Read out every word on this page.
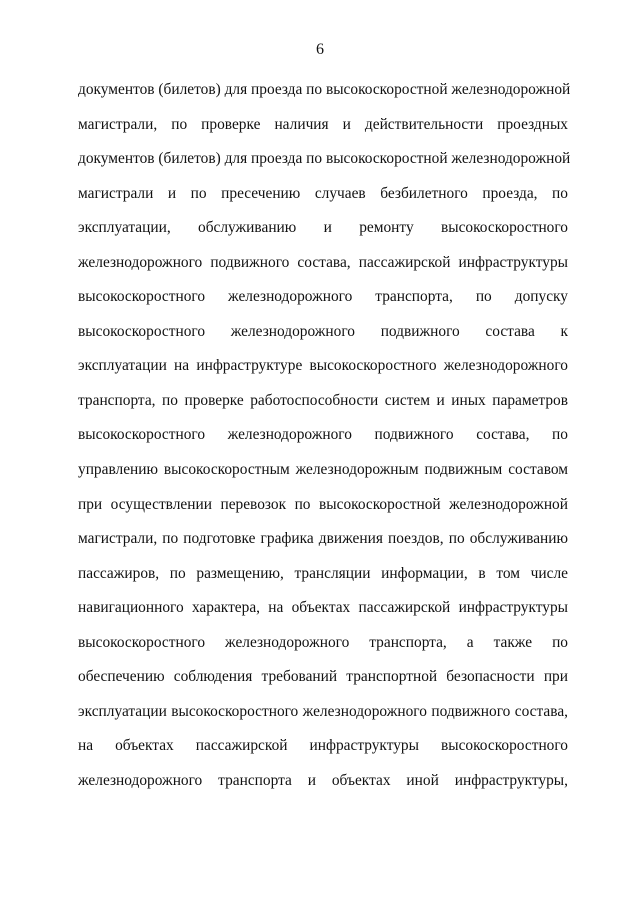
6
документов (билетов) для проезда по высокоскоростной железнодорожной
магистрали, по проверке наличия и действительности проездных
документов (билетов) для проезда по высокоскоростной железнодорожной
магистрали и по пресечению случаев безбилетного проезда, по
эксплуатации, обслуживанию и ремонту высокоскоростного
железнодорожного подвижного состава, пассажирской инфраструктуры
высокоскоростного железнодорожного транспорта, по допуску
высокоскоростного железнодорожного подвижного состава к
эксплуатации на инфраструктуре высокоскоростного железнодорожного
транспорта, по проверке работоспособности систем и иных параметров
высокоскоростного железнодорожного подвижного состава, по
управлению высокоскоростным железнодорожным подвижным составом
при осуществлении перевозок по высокоскоростной железнодорожной
магистрали, по подготовке графика движения поездов, по обслуживанию
пассажиров, по размещению, трансляции информации, в том числе
навигационного характера, на объектах пассажирской инфраструктуры
высокоскоростного железнодорожного транспорта, а также по
обеспечению соблюдения требований транспортной безопасности при
эксплуатации высокоскоростного железнодорожного подвижного состава,
на объектах пассажирской инфраструктуры высокоскоростного
железнодорожного транспорта и объектах иной инфраструктуры,
